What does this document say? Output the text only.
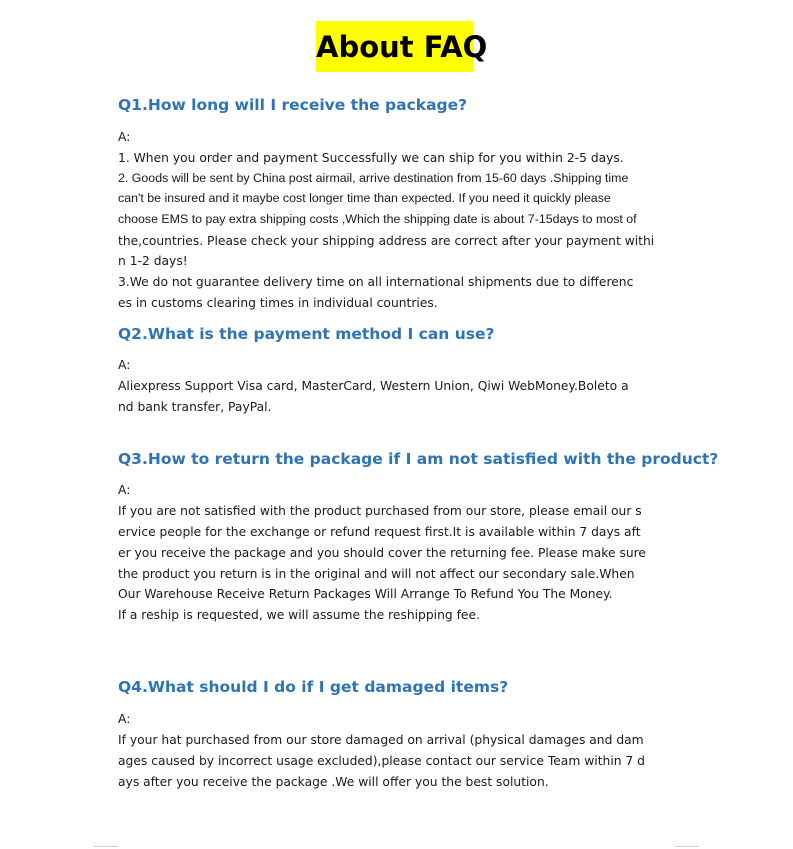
About FAQ
Q1.How long will I receive the package?
A:
1. When you order and payment Successfully we can ship for you within 2-5 days.
2. Goods will be sent by China post airmail, arrive destination from 15-60 days .Shipping time
can't be insured and it maybe cost longer time than expected. If you need it quickly please
choose EMS to pay extra shipping costs ,Which the shipping date is about 7-15days to most of
the,countries. Please check your shipping address are correct after your payment withi
n 1-2 days!
3.We do not guarantee delivery time on all international shipments due to differenc
es in customs clearing times in individual countries.
Q2.What is the payment method I can use?
A:
Aliexpress Support Visa card, MasterCard, Western Union, Qiwi WebMoney.Boleto a
nd bank transfer, PayPal.
Q3.How to return the package if I am not satisfied with the product?
A:
If you are not satisfied with the product purchased from our store, please email our s
ervice people for the exchange or refund request first.It is available within 7 days aft
er you receive the package and you should cover the returning fee. Please make sure
the product you return is in the original and will not affect our secondary sale.When
Our Warehouse Receive Return Packages Will Arrange To Refund You The Money.
If a reship is requested, we will assume the reshipping fee.
Q4.What should I do if I get damaged items?
A:
If your hat purchased from our store damaged on arrival (physical damages and dam
ages caused by incorrect usage excluded),please contact our service Team within 7 d
ays after you receive the package .We will offer you the best solution.
